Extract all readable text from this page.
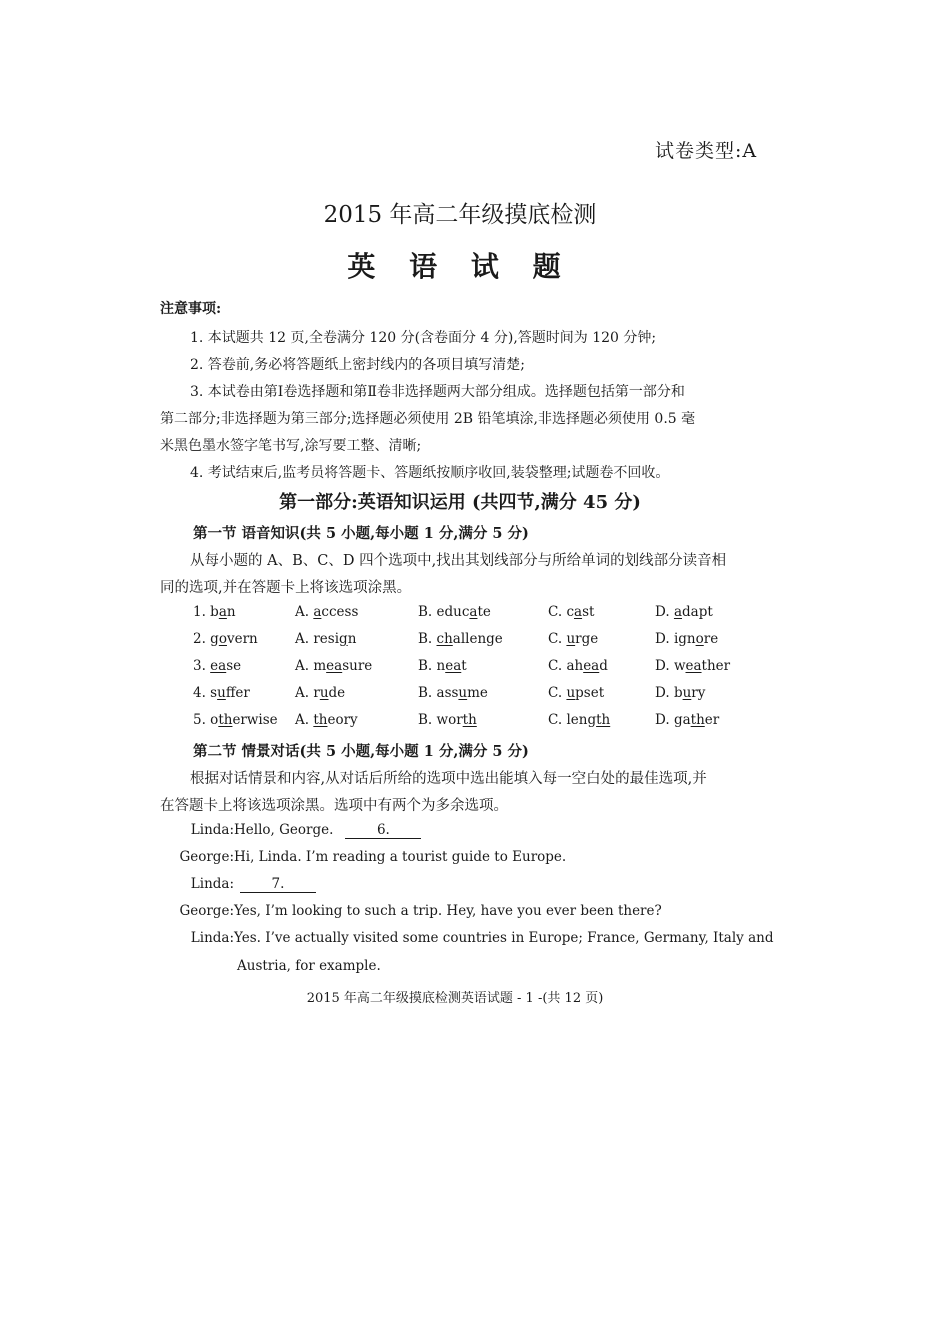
试卷类型:A
2015 年高二年级摸底检测
英 语 试 题
注意事项:
1. 本试题共 12 页,全卷满分 120 分(含卷面分 4 分),答题时间为 120 分钟;
2. 答卷前,务必将答题纸上密封线内的各项目填写清楚;
3. 本试卷由第Ⅰ卷选择题和第Ⅱ卷非选择题两大部分组成。选择题包括第一部分和
第二部分;非选择题为第三部分;选择题必须使用 2B 铅笔填涂,非选择题必须使用 0.5 毫
米黑色墨水签字笔书写,涂写要工整、清晰;
4. 考试结束后,监考员将答题卡、答题纸按顺序收回,装袋整理;试题卷不回收。
第一部分:英语知识运用 (共四节,满分 45 分)
第一节 语音知识(共 5 小题,每小题 1 分,满分 5 分)
从每小题的 A、B、C、D 四个选项中,找出其划线部分与所给单词的划线部分读音相
同的选项,并在答题卡上将该选项涂黑。
1. ban	A. access	B. educate	C. cast	D. adapt
2. govern	A. resign	B. challenge	C. urge	D. ignore
3. ease	A. measure	B. neat	C. ahead	D. weather
4. suffer	A. rude	B. assume	C. upset	D. bury
5. otherwise A. theory	B. worth	C. length	D. gather
第二节 情景对话(共 5 小题,每小题 1 分,满分 5 分)
根据对话情景和内容,从对话后所给的选项中选出能填入每一空白处的最佳选项,并
在答题卡上将该选项涂黑。选项中有两个为多余选项。
Linda:Hello, George.	6.
George:Hi, Linda. I’m reading a tourist guide to Europe.
Linda:	7.
George:Yes, I’m looking to such a trip. Hey, have you ever been there?
Linda:Yes. I’ve actually visited some countries in Europe; France, Germany, Italy and
Austria, for example.
2015 年高二年级摸底检测英语试题 - 1 -(共 12 页)
